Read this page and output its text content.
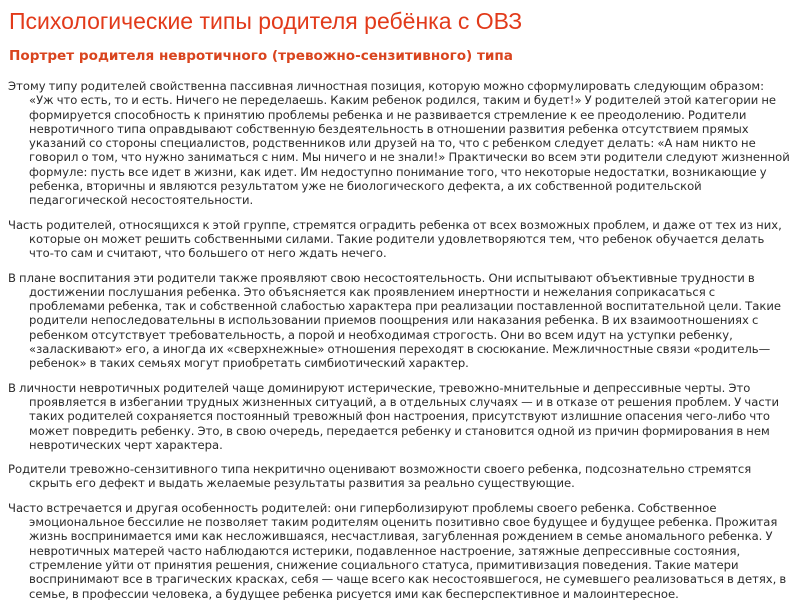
Психологические типы родителя ребёнка с ОВЗ
Портрет родителя невротичного (тревожно-сензитивного) типа

Этому типу родителей свойственна пассивная личностная позиция, которую можно сформулировать следующим образом: «Уж что есть, то и есть. Ничего не переделаешь. Каким ребенок родился, таким и будет!» У родителей этой категории не формируется способность к принятию проблемы ребенка и не развивается стремление к ее преодолению. Родители невротичного типа оправдывают собственную бездеятельность в отношении развития ребенка отсутствием прямых указаний со стороны специалистов, родственников или друзей на то, что с ребенком следует делать: «А нам никто не говорил о том, что нужно заниматься с ним. Мы ничего и не знали!» Практически во всем эти родители следуют жизненной формуле: пусть все идет в жизни, как идет. Им недоступно понимание того, что некоторые недостатки, возникающие у ребенка, вторичны и являются результатом уже не биологического дефекта, а их собственной родительской педагогической несостоятельности.

Часть родителей, относящихся к этой группе, стремятся оградить ребенка от всех возможных проблем, и даже от тех из них, которые он может решить собственными силами. Такие родители удовлетворяются тем, что ребенок обучается делать что-то сам и считают, что большего от него ждать нечего.

В плане воспитания эти родители также проявляют свою несостоятельность. Они испытывают объективные трудности в достижении послушания ребенка. Это объясняется как проявлением инертности и нежелания соприкасаться с проблемами ребенка, так и собственной слабостью характера при реализации поставленной воспитательной цели. Такие родители непоследовательны в использовании приемов поощрения или наказания ребенка. В их взаимоотношениях с ребенком отсутствует требовательность, а порой и необходимая строгость. Они во всем идут на уступки ребенку, «заласкивают» его, а иногда их «сверхнежные» отношения переходят в сюсюкание. Межличностные связи «родитель—ребенок» в таких семьях могут приобретать симбиотический характер.

В личности невротичных родителей чаще доминируют истерические, тревожно-мнительные и депрессивные черты. Это проявляется в избегании трудных жизненных ситуаций, а в отдельных случаях — и в отказе от решения проблем. У части таких родителей сохраняется постоянный тревожный фон настроения, присутствуют излишние опасения чего-либо что может повредить ребенку. Это, в свою очередь, передается ребенку и становится одной из причин формирования в нем невротических черт характера.

Родители тревожно-сензитивного типа некритично оценивают возможности своего ребенка, подсознательно стремятся скрыть его дефект и выдать желаемые результаты развития за реально существующие.

Часто встречается и другая особенность родителей: они гиперболизируют проблемы своего ребенка. Собственное эмоциональное бессилие не позволяет таким родителям оценить позитивно свое будущее и будущее ребенка. Прожитая жизнь воспринимается ими как несложившаяся, несчастливая, загубленная рождением в семье аномального ребенка. У невротичных матерей часто наблюдаются истерики, подавленное настроение, затяжные депрессивные состояния, стремление уйти от принятия решения, снижение социального статуса, примитивизация поведения. Такие матери воспринимают все в трагических красках, себя — чаще всего как несостоявшегося, не сумевшего реализоваться в детях, в семье, в профессии человека, а будущее ребенка рисуется ими как бесперспективное и малоинтересное.
